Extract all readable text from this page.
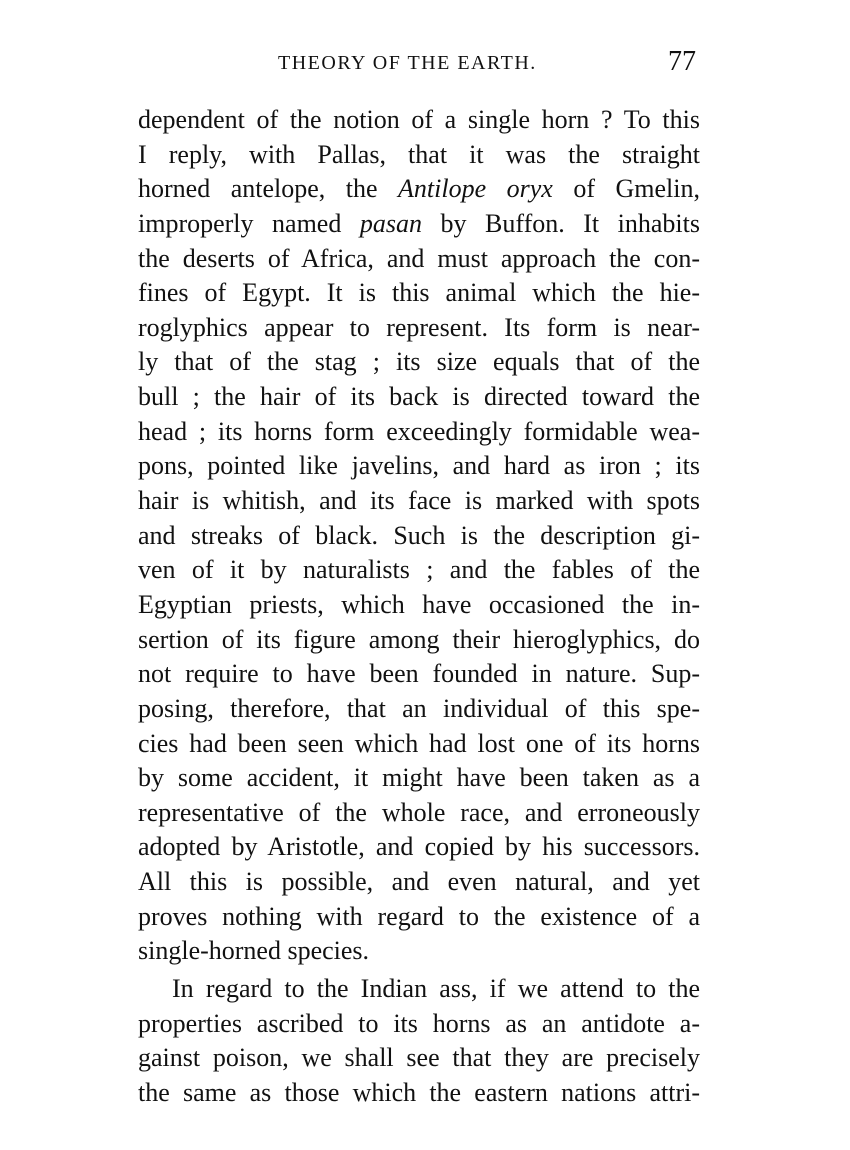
THEORY OF THE EARTH.	77
dependent of the notion of a single horn ? To this
I reply, with Pallas, that it was the straight
horned antelope, the Antilope oryx of Gmelin,
improperly named pasan by Buffon. It inhabits
the deserts of Africa, and must approach the con-
fines of Egypt. It is this animal which the hie-
roglyphics appear to represent. Its form is near-
ly that of the stag ; its size equals that of the
bull ; the hair of its back is directed toward the
head ; its horns form exceedingly formidable wea-
pons, pointed like javelins, and hard as iron ; its
hair is whitish, and its face is marked with spots
and streaks of black. Such is the description gi-
ven of it by naturalists ; and the fables of the
Egyptian priests, which have occasioned the in-
sertion of its figure among their hieroglyphics, do
not require to have been founded in nature. Sup-
posing, therefore, that an individual of this spe-
cies had been seen which had lost one of its horns
by some accident, it might have been taken as a
representative of the whole race, and erroneously
adopted by Aristotle, and copied by his successors.
All this is possible, and even natural, and yet
proves nothing with regard to the existence of a
single-horned species.
In regard to the Indian ass, if we attend to the
properties ascribed to its horns as an antidote a-
gainst poison, we shall see that they are precisely
the same as those which the eastern nations attri-
